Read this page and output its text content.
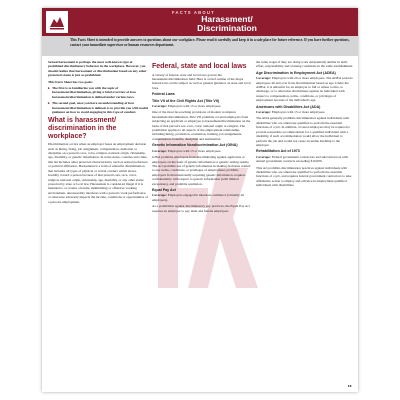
FACTS ABOUT
Harassment/
Discrimination
This Facts Sheet is intended to provide answers to questions about our workplace. Please read it carefully and keep it in a safe place for future reference. If you have further questions, contact your immediate supervisor or human resources department.

Sexual harassment is perhaps the most well-known type of prohibited discriminatory behavior in the workplace. However, you should realize that harassment or discrimination based on any other protected status is just as prohibited.

This Facts Sheet has two goals:

▸ The first is to familiarize you with the topic of harassment/discrimination, giving a brief overview of how harassment/discrimination is defined under various laws.
▸ The second goal, once you have an understanding of how harassment/discrimination is defined, is to provide you with useful guidance on how to avoid engaging in this type of conduct.
What is harassment/ discrimination in the workplace?

Discrimination occurs when an employer bases an employment decision such as hiring, firing, job assignment, compensation, demotion or discipline on a person's race, color, religion, national origin, citizenship, age, disability, or genetic information. In some states, counties and cities, this list includes other protected characteristics, such as sexual preference or political affiliation. Harassment is a form of unlawful discrimination that includes all types of physical or verbal conduct which shows hostility toward a person because of that person's sex, race, color, religion, national origin, citizenship, age, disability, or any other status protected by state or local law. Harassment is considered illegal if it is intended to or creates a hostile, intimidating or offensive working environment, unreasonably interferes with a person's work performance, or otherwise adversely impacts the income, conditions or opportunities of a person's employment.

Federal, state and local laws

A variety of federal, state and local laws govern the harassment/discrimination field. Here is a brief outline of the major federal laws on the subject as well as general guidance on state and local laws.

Federal Laws
Title VII of the Civil Rights Act (Title VII)

Coverage: Employers with 15 or more employees.

One of the most far-reaching provisions of modern workplace harassment/discrimination, Title VII prohibits covered employers from subjecting an applicant or employee to harassment/discrimination on the basis of that person's sex, race, color, national origin or religion. The prohibition applies to all aspects of the employment relationship, including hiring, promotion, evaluation, training, job assignments, compensation, benefits, discipline and termination.

Genetic Information Nondiscrimination Act (GINA)

Coverage: Employers with 15 or more employees.

GINA prohibits employers from discriminating against applicants or employees on the basis of genetic information or genetic testing results. The Act prohibits use of genetic information in making decisions related to any terms, conditions, or privileges of employment, prohibits employers from intentionally acquiring genetic information, requires confidentiality with respect to genetic information (with limited exceptions), and prohibits retaliation.

Equal Pay Act

Coverage: Employers engaged in interstate commerce (virtually all employers).

As a prohibition against discriminatory pay practices, the Equal Pay Act requires an employer to pay male and female employees

the same wages if they are doing work substantially similar in skill, effort, responsibility and working conditions in the same establishment.

Age Discrimination in Employment Act (ADEA)

Coverage: Employers with 20 or more employees. The ADEA protects employees 40 and over from discrimination based on age. Under the ADEA, it is unlawful for an employer to fail or refuse to hire, to discharge, or to otherwise discriminate against an individual with respect to compensation, terms, conditions, or privileges of employment because of the individual's age.

Americans with Disabilities Act (ADA)

Coverage: Employers with 15 or more employees.

The ADA generally prohibits discrimination against individuals with disabilities who are otherwise qualified to perform the essential functions of a job. In addition, covered employers may be required to provide reasonable accommodation for a qualified individual with a disability, if such accommodation would allow the individual to perform the job and would not cause an undue hardship to the employer.

Rehabilitation Act of 1973

Coverage: Federal government contractors and subcontractors with annual government contracts exceeding $10,000.

This Act prohibits discrimination practices against individuals with disabilities who are otherwise qualified to perform the essential functions of a job, and requires federal government contractors to take affirmative action to employ and advance in employment qualified individuals with disabilities.

▸▸
